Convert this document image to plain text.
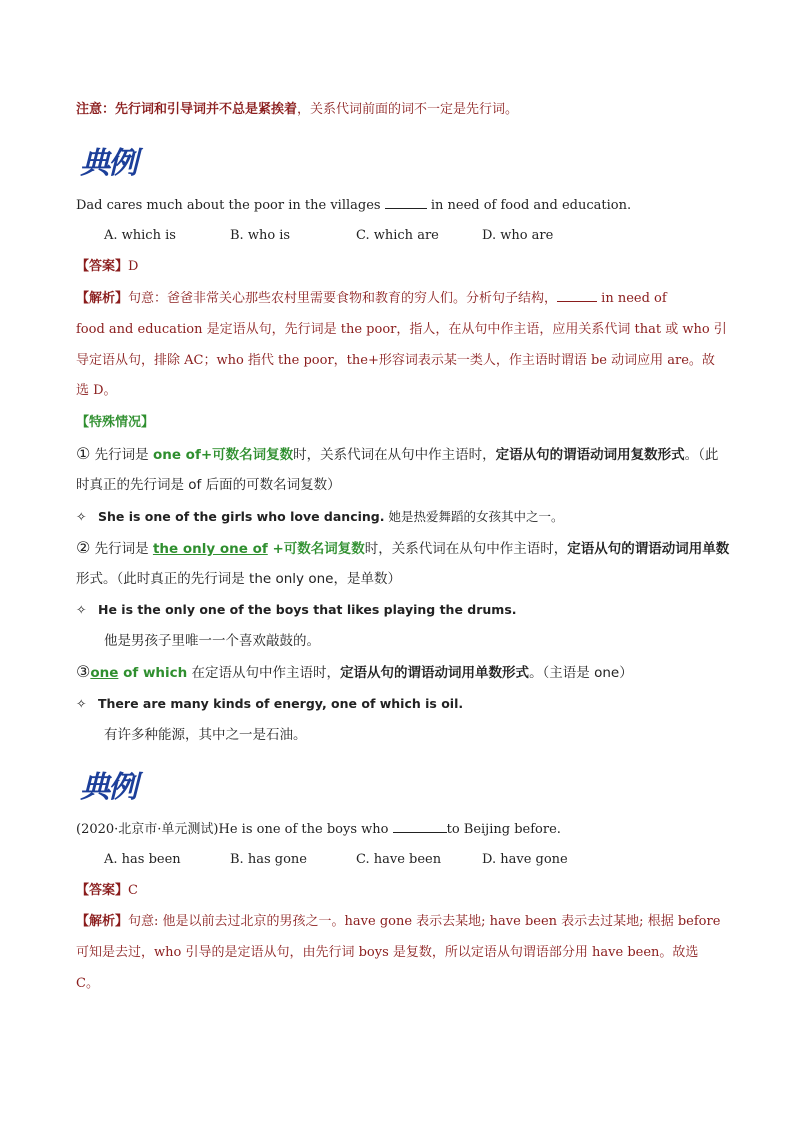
注意：先行词和引导词并不总是紧挨着，关系代词前面的词不一定是先行词。
典例
Dad cares much about the poor in the villages	in need of food and education.
A. which is	B. who is	C. which are	D. who are
【答案】D
【解析】句意：爸爸非常关心那些农村里需要食物和教育的穷人们。分析句子结构，	in need of
food and education 是定语从句，先行词是 the poor，指人，在从句中作主语，应用关系代词 that 或 who 引
导定语从句，排除 AC；who 指代 the poor，the+形容词表示某一类人，作主语时谓语 be 动词应用 are。故
选 D。
【特殊情况】
① 先行词是 one of+可数名词复数时，关系代词在从句中作主语时，定语从句的谓语动词用复数形式。（此
时真正的先行词是 of 后面的可数名词复数）
✧ She is one of the girls who love dancing. 她是热爱舞蹈的女孩其中之一。
② 先行词是 the only one of +可数名词复数时，关系代词在从句中作主语时，定语从句的谓语动词用单数
形式。（此时真正的先行词是 the only one，是单数）
✧ He is the only one of the boys that likes playing the drums.
他是男孩子里唯一一个喜欢敲鼓的。
③one of which 在定语从句中作主语时，定语从句的谓语动词用单数形式。（主语是 one）
✧ There are many kinds of energy, one of which is oil.
有许多种能源，其中之一是石油。
典例
(2020·北京市·单元测试)He is one of the boys who	to Beijing before.
A. has been	B. has gone	C. have been	D. have gone
【答案】C
【解析】句意: 他是以前去过北京的男孩之一。have gone 表示去某地; have been 表示去过某地; 根据 before
可知是去过，who 引导的是定语从句，由先行词 boys 是复数，所以定语从句谓语部分用 have been。故选
C。
